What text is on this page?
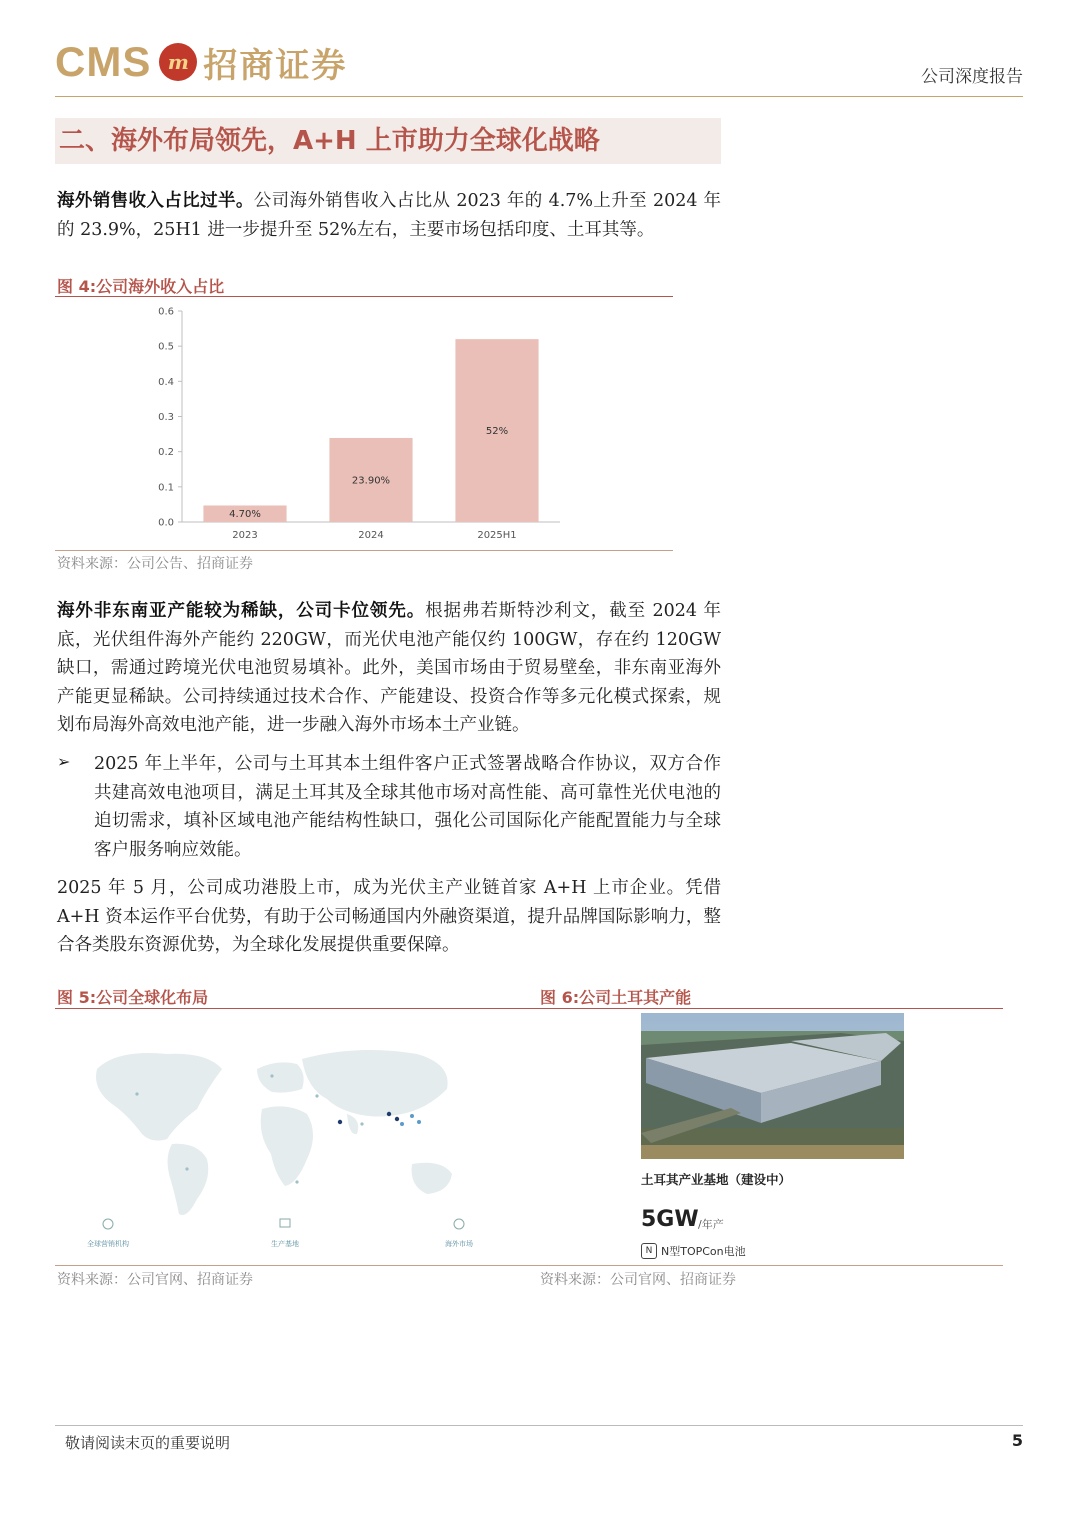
CMS m 招商证券	公司深度报告
二、海外布局领先，A+H 上市助力全球化战略
海外销售收入占比过半。公司海外销售收入占比从 2023 年的 4.7%上升至 2024 年的 23.9%，25H1 进一步提升至 52%左右，主要市场包括印度、土耳其等。
图 4:公司海外收入占比
0.0
0.1
0.2
0.3
0.4
0.5
0.6
4.70%
2023
23.90%
2024
52%
2025H1
资料来源：公司公告、招商证券
海外非东南亚产能较为稀缺，公司卡位领先。根据弗若斯特沙利文，截至 2024 年底，光伏组件海外产能约 220GW，而光伏电池产能仅约 100GW，存在约 120GW 缺口，需通过跨境光伏电池贸易填补。此外，美国市场由于贸易壁垒，非东南亚海外产能更显稀缺。公司持续通过技术合作、产能建设、投资合作等多元化模式探索，规划布局海外高效电池产能，进一步融入海外市场本土产业链。
➢ 2025 年上半年，公司与土耳其本土组件客户正式签署战略合作协议，双方合作共建高效电池项目，满足土耳其及全球其他市场对高性能、高可靠性光伏电池的迫切需求，填补区域电池产能结构性缺口，强化公司国际化产能配置能力与全球客户服务响应效能。
2025 年 5 月，公司成功港股上市，成为光伏主产业链首家 A+H 上市企业。凭借 A+H 资本运作平台优势，有助于公司畅通国内外融资渠道，提升品牌国际影响力，整合各类股东资源优势，为全球化发展提供重要保障。
图 5:公司全球化布局	图 6:公司土耳其产能
全球营销机构	生产基地	海外市场
土耳其产业基地（建设中）
5GW /年产
N N型TOPCon电池
资料来源：公司官网、招商证券	资料来源：公司官网、招商证券
敬请阅读末页的重要说明	5
